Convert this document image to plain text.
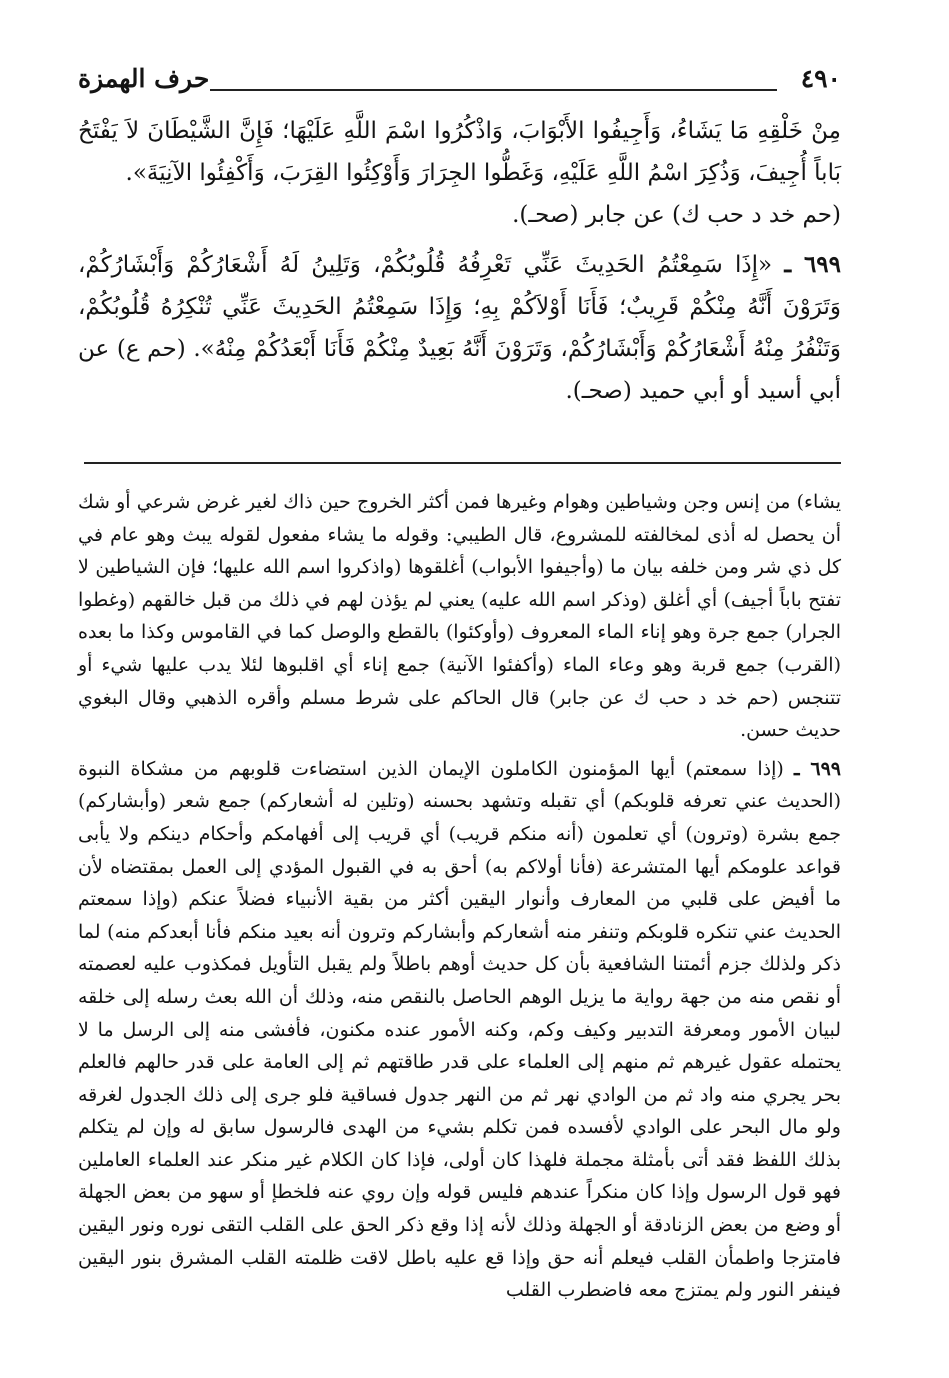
٤٩٠
حرف الهمزة

مِنْ خَلْقِهِ مَا يَشَاءُ، وَأَجِيفُوا الأَبْوَابَ، وَاذْكُرُوا اسْمَ اللَّهِ عَلَيْهَا؛ فَإِنَّ الشَّيْطَانَ لاَ يَفْتَحُ بَاباً أُجِيفَ، وَذُكِرَ اسْمُ اللَّهِ عَلَيْهِ، وَغَطُّوا الجِرَارَ وَأَوْكِئُوا القِرَبَ، وَأَكْفِئُوا الآنِيَةَ».

(حم خد د حب ك) عن جابر (صحـ).

٦٩٩ ـ «إِذَا سَمِعْتُمُ الحَدِيثَ عَنِّي تَعْرِفُهُ قُلُوبُكُمْ، وَتَلِينُ لَهُ أَشْعَارُكُمْ وَأَبْشَارُكُمْ، وَتَرَوْنَ أَنَّهُ مِنْكُمْ قَرِيبٌ؛ فَأَنَا أَوْلاَكُمْ بِهِ؛ وَإِذَا سَمِعْتُمُ الحَدِيثَ عَنِّي تُنْكِرُهُ قُلُوبُكُمْ، وَتَنْفُرُ مِنْهُ أَشْعَارُكُمْ وَأَبْشَارُكُمْ، وَتَرَوْنَ أَنَّهُ بَعِيدٌ مِنْكُمْ فَأَنَا أَبْعَدُكُمْ مِنْهُ». (حم ع) عن أبي أسيد أو أبي حميد (صحـ).

يشاء) من إنس وجن وشياطين وهوام وغيرها فمن أكثر الخروج حين ذاك لغير غرض شرعي أو شك أن يحصل له أذى لمخالفته للمشروع، قال الطيبي: وقوله ما يشاء مفعول لقوله يبث وهو عام في كل ذي شر ومن خلفه بيان ما (وأجيفوا الأبواب) أغلقوها (واذكروا اسم الله عليها؛ فإن الشياطين لا تفتح باباً أجيف) أي أغلق (وذكر اسم الله عليه) يعني لم يؤذن لهم في ذلك من قبل خالقهم (وغطوا الجرار) جمع جرة وهو إناء الماء المعروف (وأوكئوا) بالقطع والوصل كما في القاموس وكذا ما بعده (القرب) جمع قربة وهو وعاء الماء (وأكفئوا الآنية) جمع إناء أي اقلبوها لئلا يدب عليها شيء أو تتنجس (حم خد د حب ك عن جابر) قال الحاكم على شرط مسلم وأقره الذهبي وقال البغوي حديث حسن.

٦٩٩ ـ (إذا سمعتم) أيها المؤمنون الكاملون الإيمان الذين استضاءت قلوبهم من مشكاة النبوة (الحديث عني تعرفه قلوبكم) أي تقبله وتشهد بحسنه (وتلين له أشعاركم) جمع شعر (وأبشاركم) جمع بشرة (وترون) أي تعلمون (أنه منكم قريب) أي قريب إلى أفهامكم وأحكام دينكم ولا يأبى قواعد علومكم أيها المتشرعة (فأنا أولاكم به) أحق به في القبول المؤدي إلى العمل بمقتضاه لأن ما أفيض على قلبي من المعارف وأنوار اليقين أكثر من بقية الأنبياء فضلاً عنكم (وإذا سمعتم الحديث عني تنكره قلوبكم وتنفر منه أشعاركم وأبشاركم وترون أنه بعيد منكم فأنا أبعدكم منه) لما ذكر ولذلك جزم أئمتنا الشافعية بأن كل حديث أوهم باطلاً ولم يقبل التأويل فمكذوب عليه لعصمته أو نقص منه من جهة رواية ما يزيل الوهم الحاصل بالنقص منه، وذلك أن الله بعث رسله إلى خلقه لبيان الأمور ومعرفة التدبير وكيف وكم، وكنه الأمور عنده مكنون، فأفشى منه إلى الرسل ما لا يحتمله عقول غيرهم ثم منهم إلى العلماء على قدر طاقتهم ثم إلى العامة على قدر حالهم فالعلم بحر يجري منه واد ثم من الوادي نهر ثم من النهر جدول فساقية فلو جرى إلى ذلك الجدول لغرقه ولو مال البحر على الوادي لأفسده فمن تكلم بشيء من الهدى فالرسول سابق له وإن لم يتكلم بذلك اللفظ فقد أتى بأمثلة مجملة فلهذا كان أولى، فإذا كان الكلام غير منكر عند العلماء العاملين فهو قول الرسول وإذا كان منكراً عندهم فليس قوله وإن روي عنه فلخطإ أو سهو من بعض الجهلة أو وضع من بعض الزنادقة أو الجهلة وذلك لأنه إذا وقع ذكر الحق على القلب التقى نوره ونور اليقين فامتزجا واطمأن القلب فيعلم أنه حق وإذا قع عليه باطل لاقت ظلمته القلب المشرق بنور اليقين فينفر النور ولم يمتزج معه فاضطرب القلب
